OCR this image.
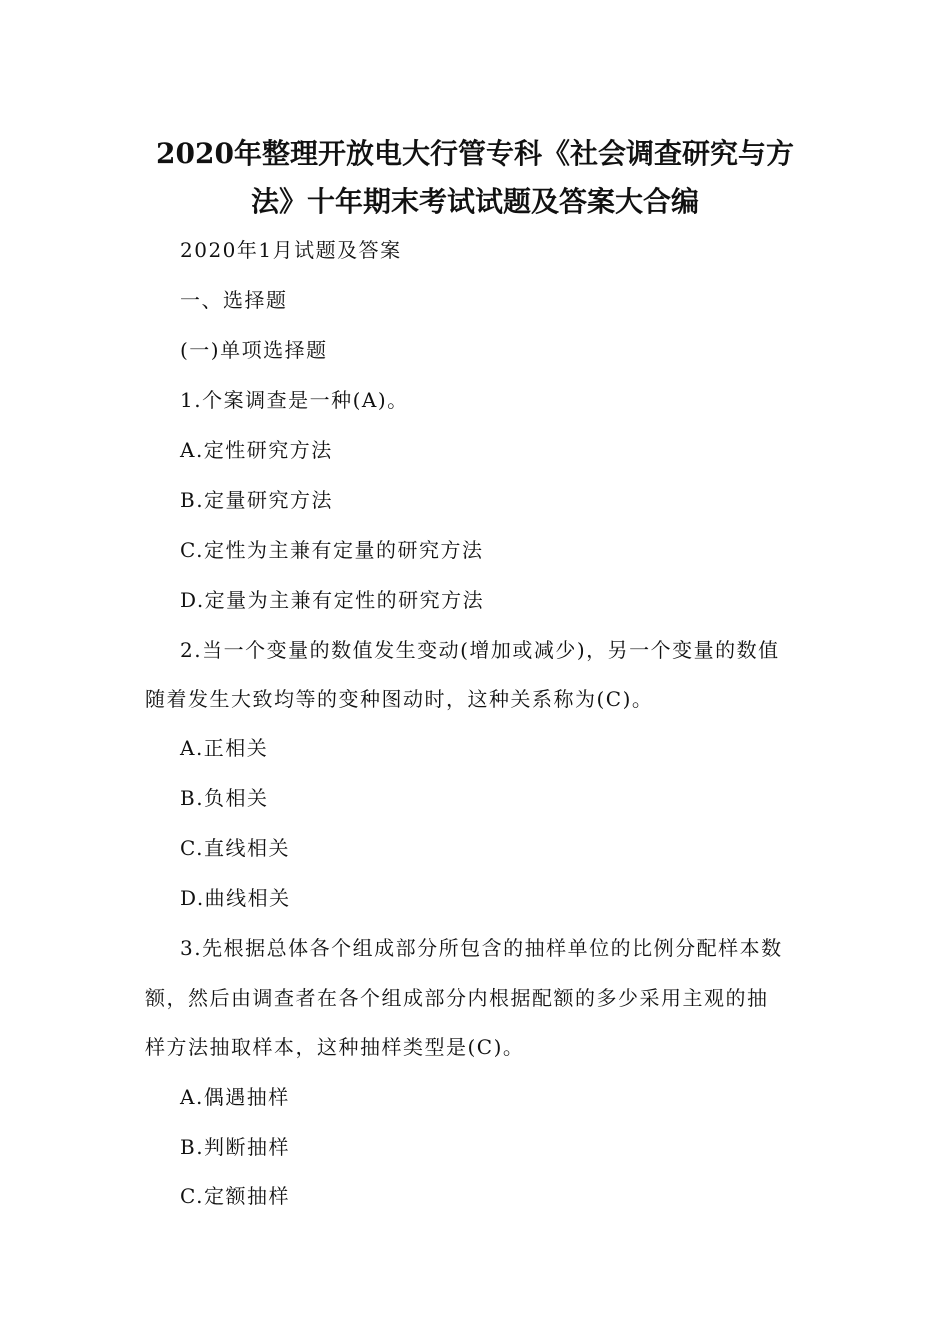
2020年整理开放电大行管专科《社会调查研究与方
法》十年期末考试试题及答案大合编
2020年1月试题及答案
一、选择题
(一)单项选择题
1.个案调查是一种(A)。
A.定性研究方法
B.定量研究方法
C.定性为主兼有定量的研究方法
D.定量为主兼有定性的研究方法
2.当一个变量的数值发生变动(增加或减少)，另一个变量的数值
随着发生大致均等的变种图动时，这种关系称为(C)。
A.正相关
B.负相关
C.直线相关
D.曲线相关
3.先根据总体各个组成部分所包含的抽样单位的比例分配样本数
额，然后由调查者在各个组成部分内根据配额的多少采用主观的抽
样方法抽取样本，这种抽样类型是(C)。
A.偶遇抽样
B.判断抽样
C.定额抽样
